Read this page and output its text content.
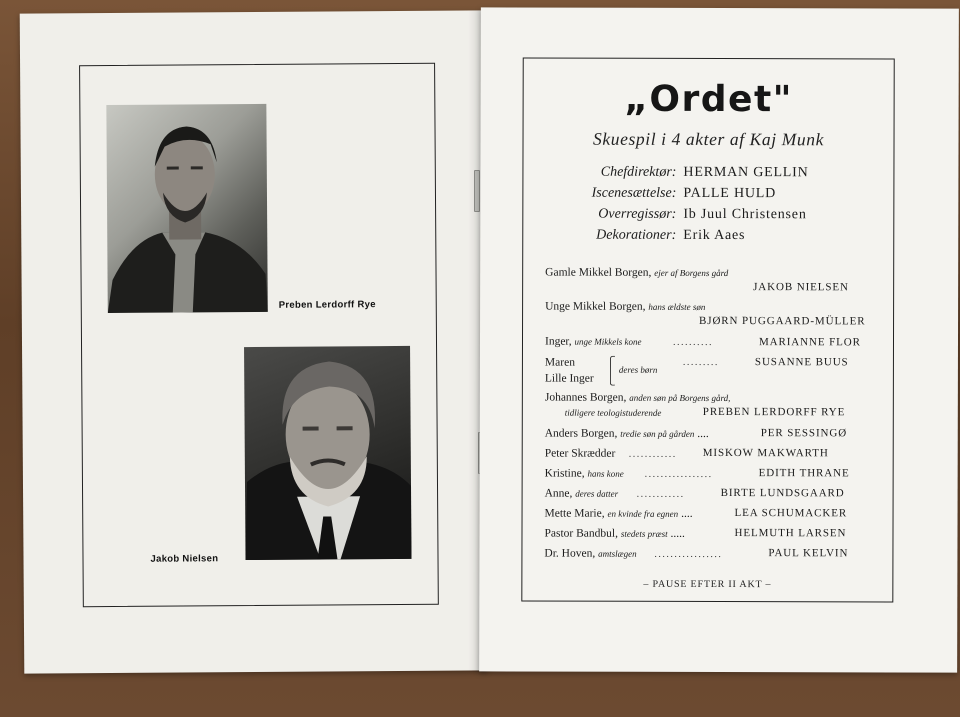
Preben Lerdorff Rye
Jakob Nielsen
„Ordet"
Skuespil i 4 akter af Kaj Munk
Chefdirektør: HERMAN GELLIN
Iscenesættelse: PALLE HULD
Overregissør: Ib Juul Christensen
Dekorationer: Erik Aaes
Gamle Mikkel Borgen, ejer af Borgens gård
JAKOB NIELSEN
Unge Mikkel Borgen, hans ældste søn
BJØRN PUGGAARD-MÜLLER
Inger, unge Mikkels kone	..........	MARIANNE FLOR
Maren
Lille Inger
deres børn
.........	SUSANNE BUUS
Johannes Borgen, anden søn på Borgens gård,
tidligere teologistuderende	PREBEN LERDORFF RYE
Anders Borgen, tredie søn på gården ....	PER SESSINGØ
Peter Skrædder ............ MISKOW MAKWARTH
Kristine, hans kone .................	EDITH THRANE
Anne, deres datter ............	BIRTE LUNDSGAARD
Mette Marie, en kvinde fra egnen ....	LEA SCHUMACKER
Pastor Bandbul, stedets præst .....	HELMUTH LARSEN
Dr. Hoven, amtslægen .................	PAUL KELVIN
– PAUSE EFTER II AKT –
